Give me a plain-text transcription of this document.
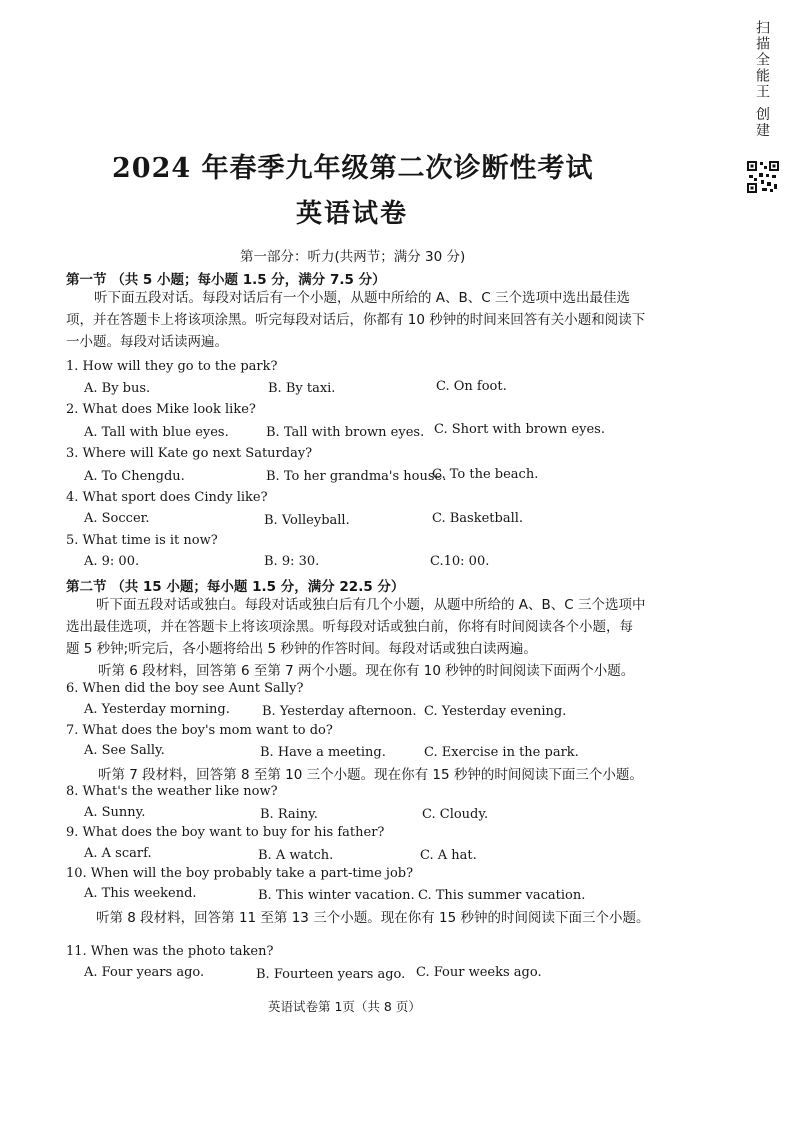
扫描全能王 创建
2024 年春季九年级第二次诊断性考试
英语试卷
第一部分：听力(共两节；满分 30 分)
第一节 （共 5 小题；每小题 1.5 分，满分 7.5 分）
听下面五段对话。每段对话后有一个小题，从题中所给的 A、B、C 三个选项中选出最佳选项，并在答题卡上将该项涂黑。听完每段对话后，你都有 10 秒钟的时间来回答有关小题和阅读下一小题。每段对话读两遍。
1. How will they go to the park?
A. By bus.	B. By taxi.	C. On foot.
2. What does Mike look like?
A. Tall with blue eyes.	B. Tall with brown eyes. C. Short with brown eyes.
3. Where will Kate go next Saturday?
A. To Chengdu.	B. To her grandma's house.
C. To the beach.
4. What sport does Cindy like?
A. Soccer.	B. Volleyball.	C. Basketball.
5. What time is it now?
A. 9: 00.	B. 9: 30.	C.10: 00.
第二节 （共 15 小题；每小题 1.5 分，满分 22.5 分）
听下面五段对话或独白。每段对话或独白后有几个小题，从题中所给的 A、B、C 三个选项中选出最佳选项，并在答题卡上将该项涂黑。听每段对话或独白前，你将有时间阅读各个小题，每题 5 秒钟;听完后，各小题将给出 5 秒钟的作答时间。每段对话或独白读两遍。
听第 6 段材料，回答第 6 至第 7 两个小题。现在你有 10 秒钟的时间阅读下面两个小题。
6. When did the boy see Aunt Sally?
A. Yesterday morning. B. Yesterday afternoon. C. Yesterday evening.
7. What does the boy's mom want to do?
A. See Sally.	B. Have a meeting.	C. Exercise in the park.
听第 7 段材料，回答第 8 至第 10 三个小题。现在你有 15 秒钟的时间阅读下面三个小题。
8. What's the weather like now?
A. Sunny.	B. Rainy.	C. Cloudy.
9. What does the boy want to buy for his father?
A. A scarf.	B. A watch.	C. A hat.
10. When will the boy probably take a part-time job?
A. This weekend.	B. This winter vacation. C. This summer vacation.
听第 8 段材料，回答第 11 至第 13 三个小题。现在你有 15 秒钟的时间阅读下面三个小题。
11. When was the photo taken?
A. Four years ago.	B. Fourteen years ago. C. Four weeks ago.
英语试卷第 1页（共 8 页）
